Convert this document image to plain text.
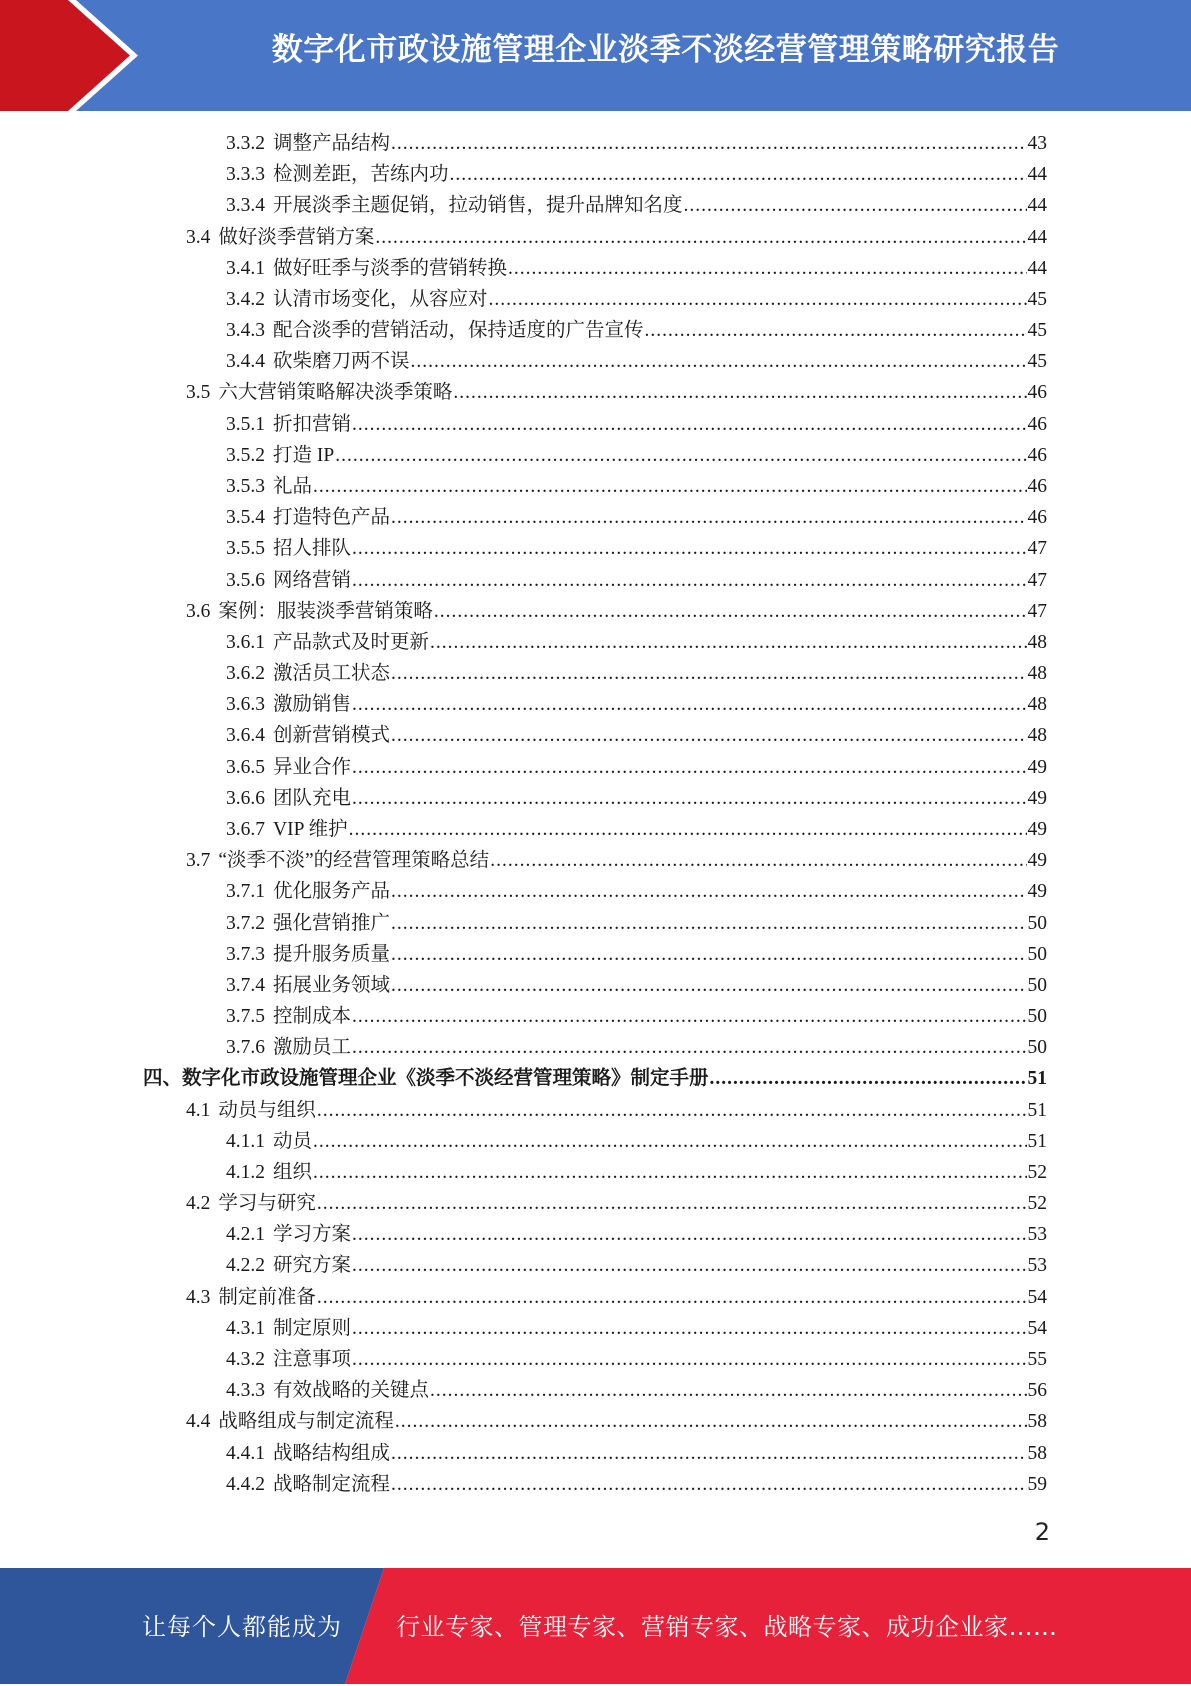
数字化市政设施管理企业淡季不淡经营管理策略研究报告
3.3.2 调整产品结构 .....	43
3.3.3 检测差距，苦练内功 .....	44
3.3.4 开展淡季主题促销，拉动销售，提升品牌知名度 .....	44
3.4 做好淡季营销方案 .....	44
3.4.1 做好旺季与淡季的营销转换 .....	44
3.4.2 认清市场变化，从容应对 .....	45
3.4.3 配合淡季的营销活动，保持适度的广告宣传 .....	45
3.4.4 砍柴磨刀两不误 .....	45
3.5 六大营销策略解决淡季策略 .....	46
3.5.1 折扣营销 .....	46
3.5.2 打造 IP .....	46
3.5.3 礼品 .....	46
3.5.4 打造特色产品 .....	46
3.5.5 招人排队 .....	47
3.5.6 网络营销 .....	47
3.6 案例：服装淡季营销策略 .....	47
3.6.1 产品款式及时更新 .....	48
3.6.2 激活员工状态 .....	48
3.6.3 激励销售 .....	48
3.6.4 创新营销模式 .....	48
3.6.5 异业合作 .....	49
3.6.6 团队充电 .....	49
3.6.7 VIP 维护 .....	49
3.7 “淡季不淡”的经营管理策略总结 .....	49
3.7.1 优化服务产品 .....	49
3.7.2 强化营销推广 .....	50
3.7.3 提升服务质量 .....	50
3.7.4 拓展业务领域 .....	50
3.7.5 控制成本 .....	50
3.7.6 激励员工 .....	50
四、 数字化市政设施管理企业《淡季不淡经营管理策略》制定手册 .....	51
4.1 动员与组织 .....	51
4.1.1 动员 .....	51
4.1.2 组织 .....	52
4.2 学习与研究 .....	52
4.2.1 学习方案 .....	53
4.2.2 研究方案 .....	53
4.3 制定前准备 .....	54
4.3.1 制定原则 .....	54
4.3.2 注意事项 .....	55
4.3.3 有效战略的关键点 .....	56
4.4 战略组成与制定流程 .....	58
4.4.1 战略结构组成 .....	58
4.4.2 战略制定流程 .....	59
2
让每个人都能成为 行业专家、管理专家、营销专家、战略专家、成功企业家……
